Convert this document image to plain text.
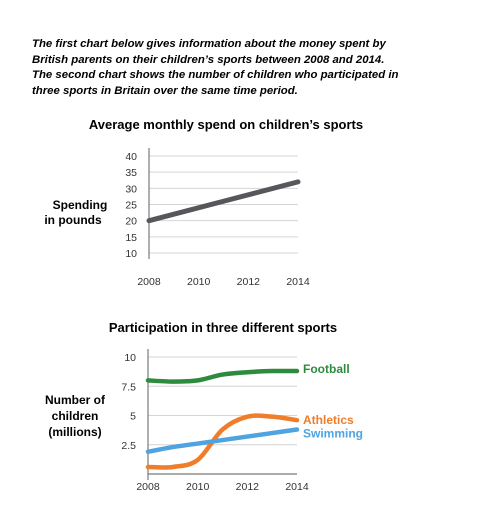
The first chart below gives information about the money spent by
British parents on their children’s sports between 2008 and 2014.
The second chart shows the number of children who participated in
three sports in Britain over the same time period.

Average monthly spend on children’s sports
Spending
in pounds
10
15
20
25
30
35
40
2008	2010	2012	2014
Participation in three different sports
Number of
children
(millions)
2.5
5
7.5
10
2008	2010	2012	2014
Football
Athletics
Swimming
